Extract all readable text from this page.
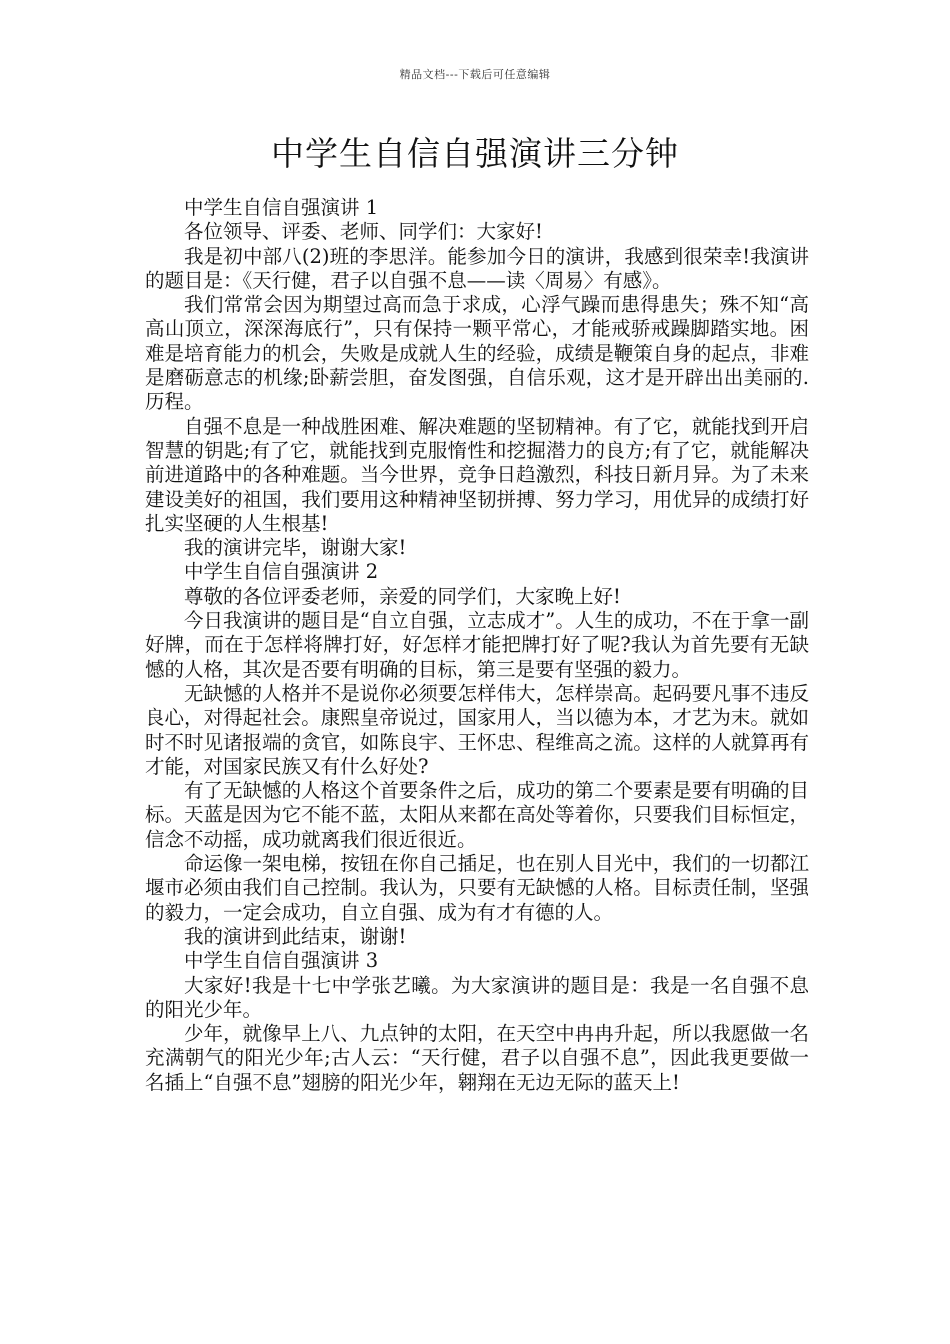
精品文档---下载后可任意编辑
中学生自信自强演讲三分钟

中学生自信自强演讲 1

各位领导、评委、老师、同学们：大家好!

我是初中部八(2)班的李思洋。能参加今日的演讲，我感到很荣幸!我演讲的题目是：《天行健，君子以自强不息——读〈周易〉有感》。

我们常常会因为期望过高而急于求成，心浮气躁而患得患失；殊不知“高高山顶立，深深海底行”，只有保持一颗平常心，才能戒骄戒躁脚踏实地。困难是培育能力的机会，失败是成就人生的经验，成绩是鞭策自身的起点，非难是磨砺意志的机缘;卧薪尝胆，奋发图强，自信乐观，这才是开辟出出美丽的.历程。

自强不息是一种战胜困难、解决难题的坚韧精神。有了它，就能找到开启智慧的钥匙;有了它，就能找到克服惰性和挖掘潜力的良方;有了它，就能解决前进道路中的各种难题。当今世界，竞争日趋激烈，科技日新月异。为了未来建设美好的祖国，我们要用这种精神坚韧拼搏、努力学习，用优异的成绩打好扎实坚硬的人生根基!

我的演讲完毕，谢谢大家!

中学生自信自强演讲 2

尊敬的各位评委老师，亲爱的同学们，大家晚上好!

今日我演讲的题目是“自立自强，立志成才”。人生的成功，不在于拿一副好牌，而在于怎样将牌打好，好怎样才能把牌打好了呢?我认为首先要有无缺憾的人格，其次是否要有明确的目标，第三是要有坚强的毅力。

无缺憾的人格并不是说你必须要怎样伟大，怎样崇高。起码要凡事不违反良心，对得起社会。康熙皇帝说过，国家用人，当以德为本，才艺为末。就如时不时见诸报端的贪官，如陈良宇、王怀忠、程维高之流。这样的人就算再有才能，对国家民族又有什么好处?

有了无缺憾的人格这个首要条件之后，成功的第二个要素是要有明确的目标。天蓝是因为它不能不蓝，太阳从来都在高处等着你，只要我们目标恒定，信念不动摇，成功就离我们很近很近。

命运像一架电梯，按钮在你自己插足，也在别人目光中，我们的一切都江堰市必须由我们自己控制。我认为，只要有无缺憾的人格。目标责任制，坚强的毅力，一定会成功，自立自强、成为有才有德的人。

我的演讲到此结束，谢谢!

中学生自信自强演讲 3

大家好!我是十七中学张艺曦。为大家演讲的题目是：我是一名自强不息的阳光少年。

少年，就像早上八、九点钟的太阳，在天空中冉冉升起，所以我愿做一名充满朝气的阳光少年;古人云：“天行健，君子以自强不息”，因此我更要做一名插上“自强不息”翅膀的阳光少年，翱翔在无边无际的蓝天上!
